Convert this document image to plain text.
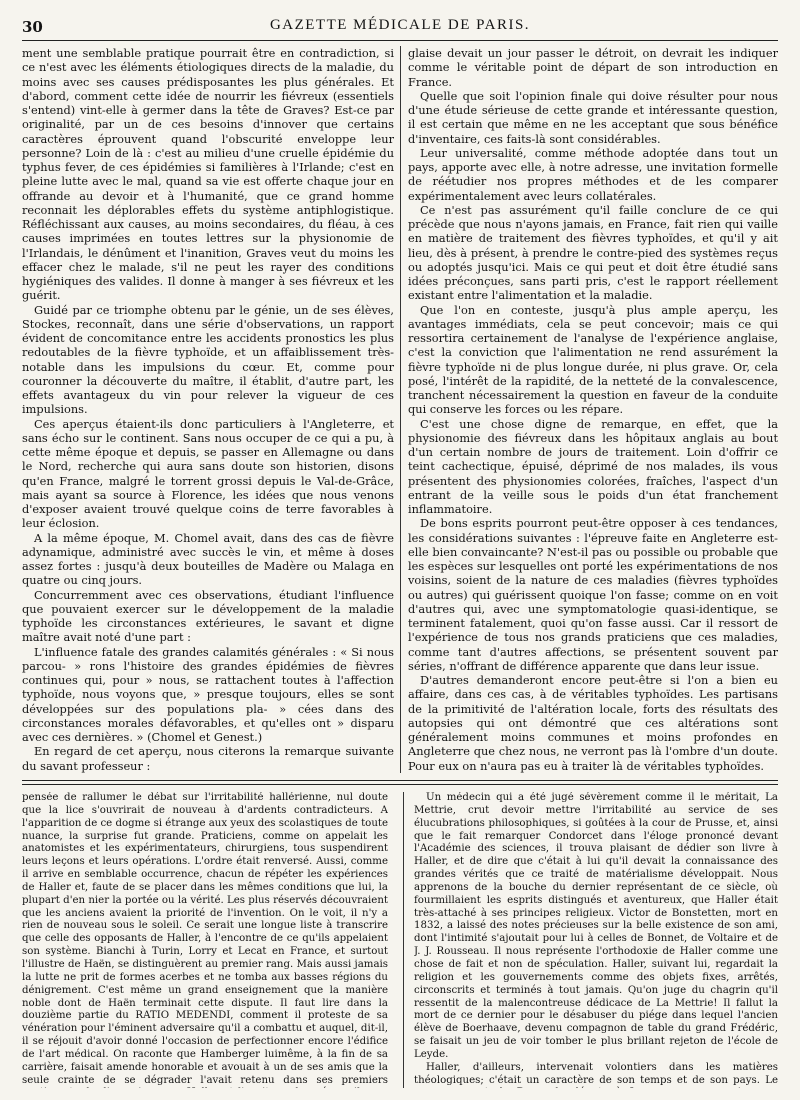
30	GAZETTE MÉDICALE DE PARIS.

ment une semblable pratique pourrait être en contradiction, si ce n'est avec les éléments étiologiques directs de la maladie, du moins avec ses causes prédisposantes les plus générales. Et d'abord, comment cette idée de nourrir les fiévreux (essentiels s'entend) vint-elle à germer dans la tête de Graves? Est-ce par originalité, par un de ces besoins d'innover que certains caractères éprouvent quand l'obscurité enveloppe leur personne? Loin de là : c'est au milieu d'une cruelle épidémie du typhus fever, de ces épidémies si familières à l'Irlande; c'est en pleine lutte avec le mal, quand sa vie est offerte chaque jour en offrande au devoir et à l'humanité, que ce grand homme reconnait les déplorables effets du système antiphlogistique. Réfléchissant aux causes, au moins secondaires, du fléau, à ces causes imprimées en toutes lettres sur la physionomie de l'Irlandais, le dénûment et l'inanition, Graves veut du moins les effacer chez le malade, s'il ne peut les rayer des conditions hygiéniques des valides. Il donne à manger à ses fiévreux et les guérit.

Guidé par ce triomphe obtenu par le génie, un de ses élèves, Stockes, reconnaît, dans une série d'observations, un rapport évident de concomitance entre les accidents pronostics les plus redoutables de la fièvre typhoïde, et un affaiblissement très-notable dans les impulsions du cœur. Et, comme pour couronner la découverte du maître, il établit, d'autre part, les effets avantageux du vin pour relever la vigueur de ces impulsions.

Ces aperçus étaient-ils donc particuliers à l'Angleterre, et sans écho sur le continent. Sans nous occuper de ce qui a pu, à cette même époque et depuis, se passer en Allemagne ou dans le Nord, recherche qui aura sans doute son historien, disons qu'en France, malgré le torrent grossi depuis le Val-de-Grâce, mais ayant sa source à Florence, les idées que nous venons d'exposer avaient trouvé quelque coins de terre favorables à leur éclosion.

A la même époque, M. Chomel avait, dans des cas de fièvre adynamique, administré avec succès le vin, et même à doses assez fortes : jusqu'à deux bouteilles de Madère ou Malaga en quatre ou cinq jours.

Concurremment avec ces observations, étudiant l'influence que pouvaient exercer sur le développement de la maladie typhoïde les circonstances extérieures, le savant et digne maître avait noté d'une part :

L'influence fatale des grandes calamités générales : « Si nous parcou- » rons l'histoire des grandes épidémies de fièvres continues qui, pour » nous, se rattachent toutes à l'affection typhoïde, nous voyons que, » presque toujours, elles se sont développées sur des populations pla- » cées dans des circonstances morales défavorables, et qu'elles ont » disparu avec ces dernières. » (Chomel et Genest.)

En regard de cet aperçu, nous citerons la remarque suivante du savant professeur :

glaise devait un jour passer le détroit, on devrait les indiquer comme le véritable point de départ de son introduction en France.

Quelle que soit l'opinion finale qui doive résulter pour nous d'une étude sérieuse de cette grande et intéressante question, il est certain que même en ne les acceptant que sous bénéfice d'inventaire, ces faits-là sont considérables.

Leur universalité, comme méthode adoptée dans tout un pays, apporte avec elle, à notre adresse, une invitation formelle de réétudier nos propres méthodes et de les comparer expérimentalement avec leurs collatérales.

Ce n'est pas assurément qu'il faille conclure de ce qui précède que nous n'ayons jamais, en France, fait rien qui vaille en matière de traitement des fièvres typhoïdes, et qu'il y ait lieu, dès à présent, à prendre le contre-pied des systèmes reçus ou adoptés jusqu'ici. Mais ce qui peut et doit être étudié sans idées préconçues, sans parti pris, c'est le rapport réellement existant entre l'alimentation et la maladie.

Que l'on en conteste, jusqu'à plus ample aperçu, les avantages immédiats, cela se peut concevoir; mais ce qui ressortira certainement de l'analyse de l'expérience anglaise, c'est la conviction que l'alimentation ne rend assurément la fièvre typhoïde ni de plus longue durée, ni plus grave. Or, cela posé, l'intérêt de la rapidité, de la netteté de la convalescence, tranchent nécessairement la question en faveur de la conduite qui conserve les forces ou les répare.

C'est une chose digne de remarque, en effet, que la physionomie des fiévreux dans les hôpitaux anglais au bout d'un certain nombre de jours de traitement. Loin d'offrir ce teint cachectique, épuisé, déprimé de nos malades, ils vous présentent des physionomies colorées, fraîches, l'aspect d'un entrant de la veille sous le poids d'un état franchement inflammatoire.

De bons esprits pourront peut-être opposer à ces tendances, les considérations suivantes : l'épreuve faite en Angleterre est-elle bien convaincante? N'est-il pas ou possible ou probable que les espèces sur lesquelles ont porté les expérimentations de nos voisins, soient de la nature de ces maladies (fièvres typhoïdes ou autres) qui guérissent quoique l'on fasse; comme on en voit d'autres qui, avec une symptomatologie quasi-identique, se terminent fatalement, quoi qu'on fasse aussi. Car il ressort de l'expérience de tous nos grands praticiens que ces maladies, comme tant d'autres affections, se présentent souvent par séries, n'offrant de différence apparente que dans leur issue.

D'autres demanderont encore peut-être si l'on a bien eu affaire, dans ces cas, à de véritables typhoïdes. Les partisans de la primitivité de l'altération locale, forts des résultats des autopsies qui ont démontré que ces altérations sont généralement moins communes et moins profondes en Angleterre que chez nous, ne verront pas là l'ombre d'un doute. Pour eux on n'aura pas eu à traiter là de véritables typhoïdes.

pensée de rallumer le débat sur l'irritabilité hallérienne, nul doute que la lice s'ouvrirait de nouveau à d'ardents contradicteurs. A l'apparition de ce dogme si étrange aux yeux des scolastiques de toute nuance, la surprise fut grande. Praticiens, comme on appelait les anatomistes et les expérimentateurs, chirurgiens, tous suspendirent leurs leçons et leurs opérations. L'ordre était renversé. Aussi, comme il arrive en semblable occurrence, chacun de répéter les expériences de Haller et, faute de se placer dans les mêmes conditions que lui, la plupart d'en nier la portée ou la vérité. Les plus réservés découvraient que les anciens avaient la priorité de l'invention. On le voit, il n'y a rien de nouveau sous le soleil. Ce serait une longue liste à transcrire que celle des opposants de Haller, à l'encontre de ce qu'ils appelaient son système. Bianchi à Turin, Lorry et Lecat en France, et surtout l'illustre de Haën, se distinguèrent au premier rang. Mais aussi jamais la lutte ne prit de formes acerbes et ne tomba aux basses régions du dénigrement. C'est même un grand enseignement que la manière noble dont de Haën terminait cette dispute. Il faut lire dans la douzième partie du RATIO MEDENDI, comment il proteste de sa vénération pour l'éminent adversaire qu'il a combattu et auquel, dit-il, il se réjouit d'avoir donné l'occasion de perfectionner encore l'édifice de l'art médical. On raconte que Hamberger luimême, à la fin de sa carrière, faisait amende honorable et avouait à un de ses amis que la seule crainte de se dégrader l'avait retenu dans ses premiers

Un médecin qui a été jugé sévèrement comme il le méritait, La Mettrie, crut devoir mettre l'irritabilité au service de ses élucubrations philosophiques, si goûtées à la cour de Prusse, et, ainsi que le fait remarquer Condorcet dans l'éloge prononcé devant l'Académie des sciences, il trouva plaisant de dédier son livre à Haller, et de dire que c'était à lui qu'il devait la connaissance des grandes vérités que ce traité de matérialisme développait. Nous apprenons de la bouche du dernier représentant de ce siècle, où fourmillaient les esprits distingués et aventureux, que Haller était très-attaché à ses principes religieux. Victor de Bonstetten, mort en 1832, a laissé des notes précieuses sur la belle existence de son ami, dont l'intimité s'ajoutait pour lui à celles de Bonnet, de Voltaire et de J. J. Rousseau. Il nous représente l'orthodoxie de Haller comme une chose de fait et non de spéculation. Haller, suivant lui, regardait la religion et les gouvernements comme des objets fixes, arrêtés, circonscrits et terminés à tout jamais. Qu'on juge du chagrin qu'il ressentit de la malencontreuse dédicace de La Mettrie! Il fallut la mort de ce dernier pour le désabuser du piége dans lequel l'ancien élève de Boerhaave, devenu compagnon de table du grand Frédéric, se faisait un jeu de voir tomber le plus brillant rejeton de l'école de Leyde.

Haller, d'ailleurs, intervenait volontiers dans les matières théologiques; c'était un caractère de son temps et de son pays. Le
